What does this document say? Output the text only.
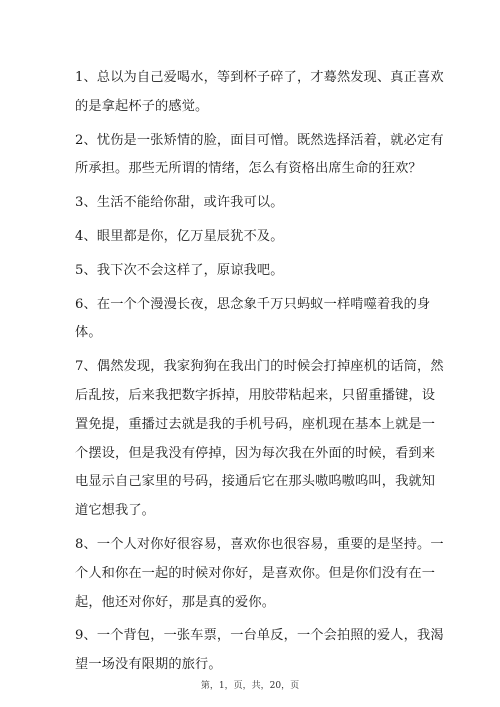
1、总以为自己爱喝水，等到杯子碎了，才蓦然发现、真正喜欢的是拿起杯子的感觉。

2、忧伤是一张矫情的脸，面目可憎。既然选择活着，就必定有所承担。那些无所谓的情绪，怎么有资格出席生命的狂欢？

3、生活不能给你甜，或许我可以。

4、眼里都是你，亿万星辰犹不及。

5、我下次不会这样了，原谅我吧。

6、在一个个漫漫长夜，思念象千万只蚂蚁一样啃噬着我的身体。

7、偶然发现，我家狗狗在我出门的时候会打掉座机的话筒，然后乱按，后来我把数字拆掉，用胶带粘起来，只留重播键，设置免提，重播过去就是我的手机号码，座机现在基本上就是一个摆设，但是我没有停掉，因为每次我在外面的时候，看到来电显示自己家里的号码，接通后它在那头嗷呜嗷呜叫，我就知道它想我了。

8、一个人对你好很容易，喜欢你也很容易，重要的是坚持。一个人和你在一起的时候对你好，是喜欢你。但是你们没有在一起，他还对你好，那是真的爱你。

9、一个背包，一张车票，一台单反，一个会拍照的爱人，我渴望一场没有限期的旅行。

第，1，页，共，20，页
